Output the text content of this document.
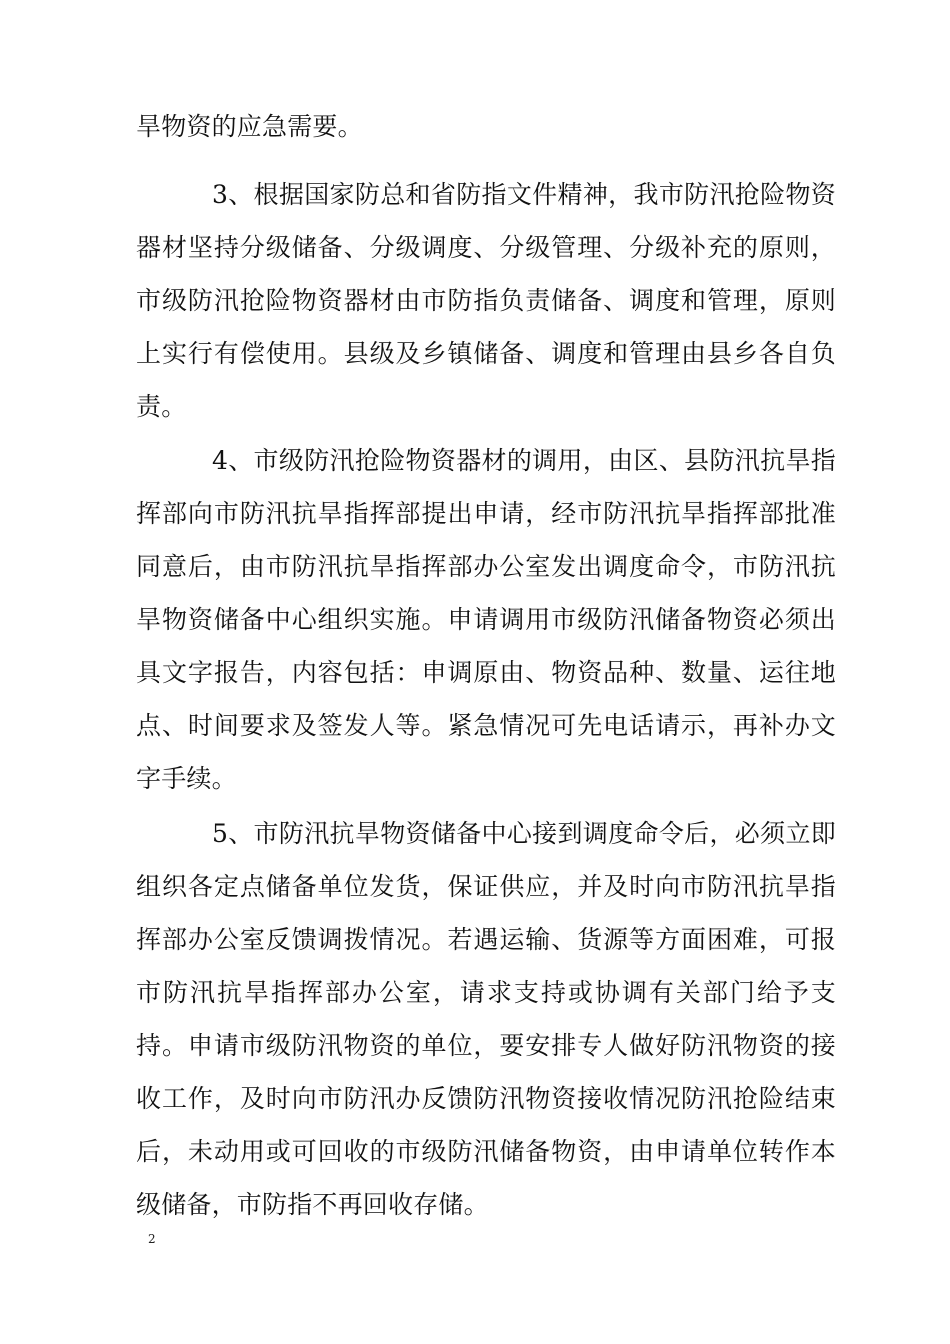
旱物资的应急需要。

3、根据国家防总和省防指文件精神，我市防汛抢险物资器材坚持分级储备、分级调度、分级管理、分级补充的原则，市级防汛抢险物资器材由市防指负责储备、调度和管理，原则上实行有偿使用。县级及乡镇储备、调度和管理由县乡各自负责。

4、市级防汛抢险物资器材的调用，由区、县防汛抗旱指挥部向市防汛抗旱指挥部提出申请，经市防汛抗旱指挥部批准同意后，由市防汛抗旱指挥部办公室发出调度命令，市防汛抗旱物资储备中心组织实施。申请调用市级防汛储备物资必须出具文字报告，内容包括：申调原由、物资品种、数量、运往地点、时间要求及签发人等。紧急情况可先电话请示，再补办文字手续。

5、市防汛抗旱物资储备中心接到调度命令后，必须立即组织各定点储备单位发货，保证供应，并及时向市防汛抗旱指挥部办公室反馈调拨情况。若遇运输、货源等方面困难，可报市防汛抗旱指挥部办公室，请求支持或协调有关部门给予支持。申请市级防汛物资的单位，要安排专人做好防汛物资的接收工作，及时向市防汛办反馈防汛物资接收情况防汛抢险结束后，未动用或可回收的市级防汛储备物资，由申请单位转作本级储备，市防指不再回收存储。

2
